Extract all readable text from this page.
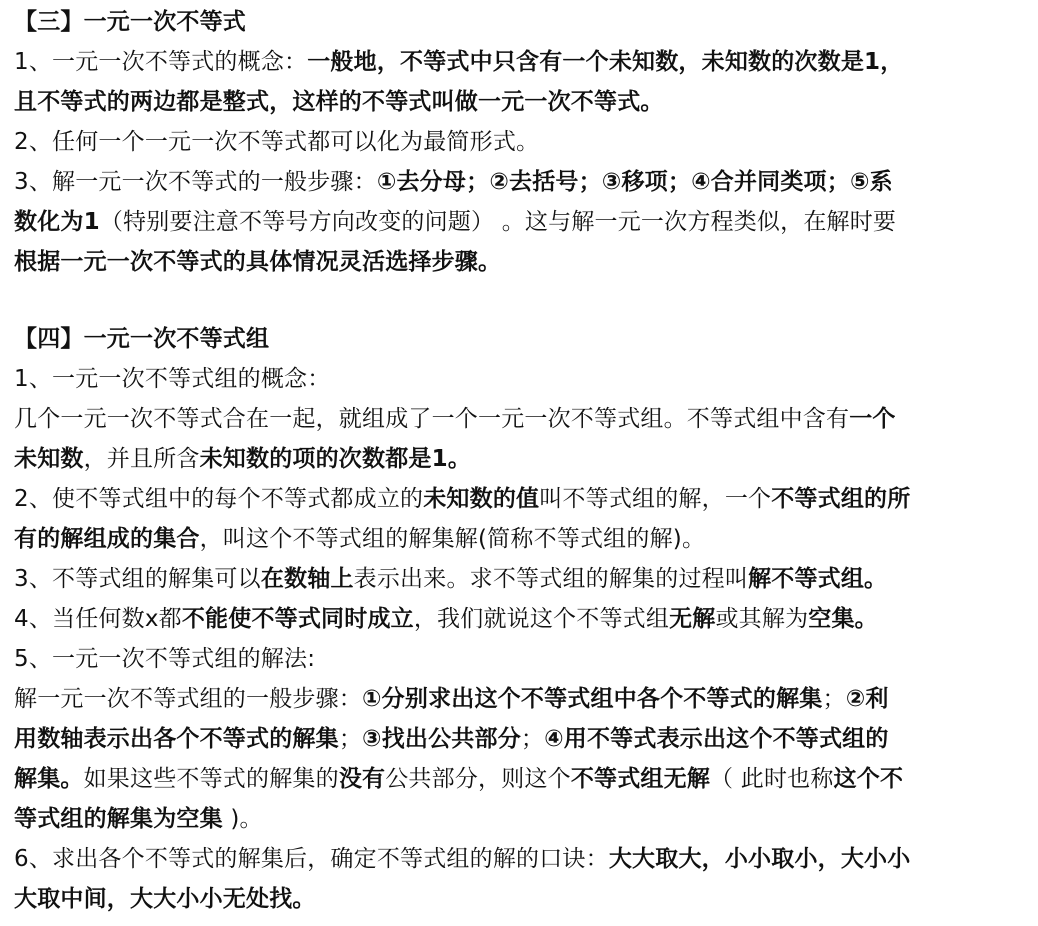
【三】一元一次不等式
1、一元一次不等式的概念：一般地，不等式中只含有一个未知数，未知数的次数是1，
且不等式的两边都是整式，这样的不等式叫做一元一次不等式。
2、任何一个一元一次不等式都可以化为最简形式。
3、解一元一次不等式的一般步骤：①去分母；②去括号；③移项；④合并同类项；⑤系
数化为1（特别要注意不等号方向改变的问题） 。这与解一元一次方程类似，在解时要
根据一元一次不等式的具体情况灵活选择步骤。
【四】一元一次不等式组
1、一元一次不等式组的概念：
几个一元一次不等式合在一起，就组成了一个一元一次不等式组。不等式组中含有一个
未知数，并且所含未知数的项的次数都是1。
2、使不等式组中的每个不等式都成立的未知数的值叫不等式组的解，一个不等式组的所
有的解组成的集合，叫这个不等式组的解集解(简称不等式组的解)。
3、不等式组的解集可以在数轴上表示出来。求不等式组的解集的过程叫解不等式组。
4、当任何数x都不能使不等式同时成立，我们就说这个不等式组无解或其解为空集。
5、一元一次不等式组的解法:
解一元一次不等式组的一般步骤：①分别求出这个不等式组中各个不等式的解集；②利
用数轴表示出各个不等式的解集；③找出公共部分；④用不等式表示出这个不等式组的
解集。如果这些不等式的解集的没有公共部分，则这个不等式组无解（ 此时也称这个不
等式组的解集为空集 )。
6、求出各个不等式的解集后，确定不等式组的解的口诀：大大取大，小小取小，大小小
大取中间，大大小小无处找。
